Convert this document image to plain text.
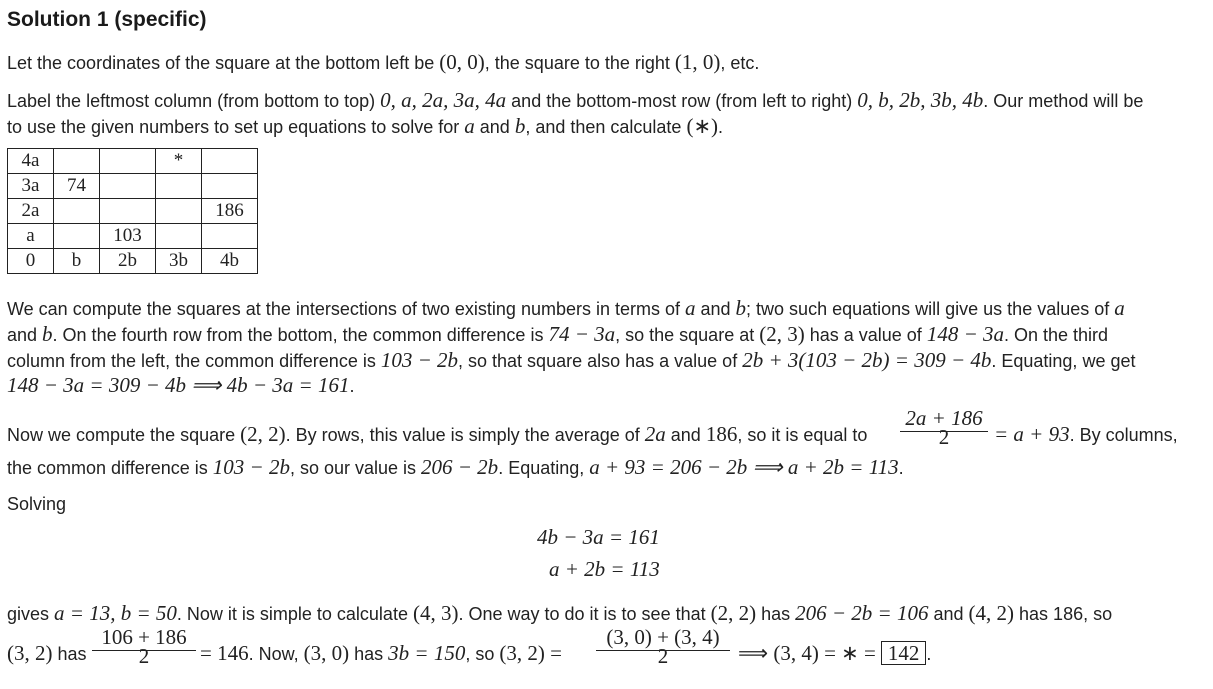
Solution 1 (specific)
Let the coordinates of the square at the bottom left be (0, 0), the square to the right (1, 0), etc.
Label the leftmost column (from bottom to top) 0, a, 2a, 3a, 4a and the bottom-most row (from left to right) 0, b, 2b, 3b, 4b. Our method will be
to use the given numbers to set up equations to solve for a and b, and then calculate (∗).
4a			*	
3a	74			
2a				186
a		103		
0	b	2b	3b	4b
We can compute the squares at the intersections of two existing numbers in terms of a and b; two such equations will give us the values of a
and b. On the fourth row from the bottom, the common difference is 74 − 3a, so the square at (2, 3) has a value of 148 − 3a. On the third
column from the left, the common difference is 103 − 2b, so that square also has a value of 2b + 3(103 − 2b) = 309 − 4b. Equating, we get
148 − 3a = 309 − 4b ⟹ 4b − 3a = 161.
Now we compute the square (2, 2). By rows, this value is simply the average of 2a and 186, so it is equal to
2a + 186
2	= a + 93. By columns,
the common difference is 103 − 2b, so our value is 206 − 2b. Equating, a + 93 = 206 − 2b ⟹ a + 2b = 113.
Solving
4b − 3a = 161
a + 2b = 113
gives a = 13, b = 50. Now it is simple to calculate (4, 3). One way to do it is to see that (2, 2) has 206 − 2b = 106 and (4, 2) has 186, so
(3, 2) has
106 + 186
2	= 146. Now, (3, 0) has 3b = 150, so (3, 2) =
(3, 0) + (3, 4)
2	⟹ (3, 4) = ∗ = 142 .
